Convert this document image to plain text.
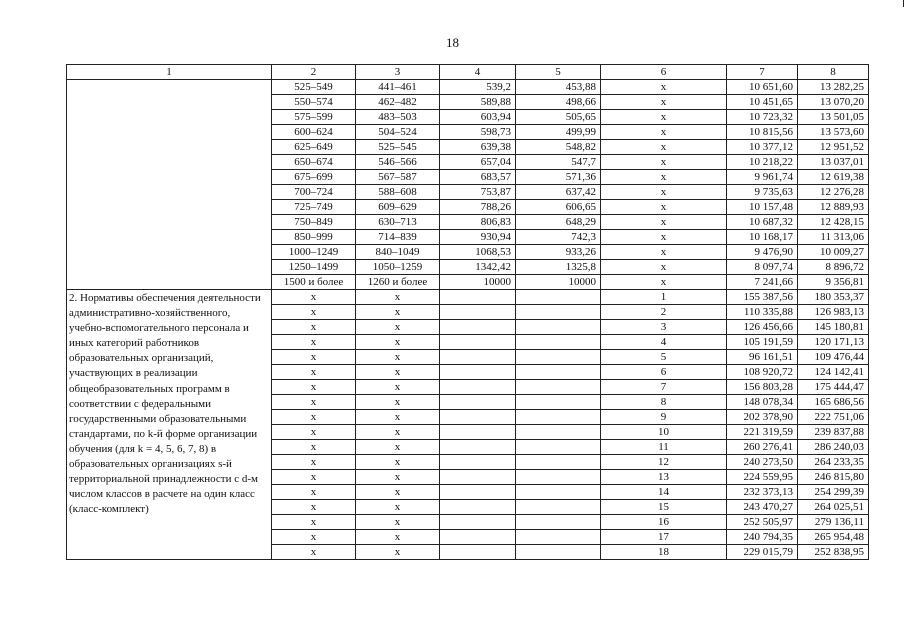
18
1	2	3	4	5	6	7	8
	525–549	441–461	539,2	453,88	х	10 651,60	13 282,25
	550–574	462–482	589,88	498,66	х	10 451,65	13 070,20
	575–599	483–503	603,94	505,65	х	10 723,32	13 501,05
	600–624	504–524	598,73	499,99	х	10 815,56	13 573,60
	625–649	525–545	639,38	548,82	х	10 377,12	12 951,52
	650–674	546–566	657,04	547,7	х	10 218,22	13 037,01
	675–699	567–587	683,57	571,36	х	9 961,74	12 619,38
	700–724	588–608	753,87	637,42	х	9 735,63	12 276,28
	725–749	609–629	788,26	606,65	х	10 157,48	12 889,93
	750–849	630–713	806,83	648,29	х	10 687,32	12 428,15
	850–999	714–839	930,94	742,3	х	10 168,17	11 313,06
	1000–1249	840–1049	1068,53	933,26	х	9 476,90	10 009,27
	1250–1499	1050–1259	1342,42	1325,8	х	8 097,74	8 896,72
	1500 и более	1260 и более	10000	10000	х	7 241,66	9 356,81
2. Нормативы обеспечения деятельности административно-хозяйственного, учебно-вспомогательного персонала и иных категорий работников образовательных организаций, участвующих в реализации общеобразовательных программ в соответствии с федеральными государственными образовательными стандартами, по k-й форме организации обучения (для k = 4, 5, 6, 7, 8) в образовательных организациях s-й территориальной принадлежности с d-м числом классов в расчете на один класс (класс-комплект)	х	х			1	155 387,56	180 353,37
	х	х			2	110 335,88	126 983,13
	х	х			3	126 456,66	145 180,81
	х	х			4	105 191,59	120 171,13
	х	х			5	96 161,51	109 476,44
	х	х			6	108 920,72	124 142,41
	х	х			7	156 803,28	175 444,47
	х	х			8	148 078,34	165 686,56
	х	х			9	202 378,90	222 751,06
	х	х			10	221 319,59	239 837,88
	х	х			11	260 276,41	286 240,03
	х	х			12	240 273,50	264 233,35
	х	х			13	224 559,95	246 815,80
	х	х			14	232 373,13	254 299,39
	х	х			15	243 470,27	264 025,51
	х	х			16	252 505,97	279 136,11
	х	х			17	240 794,35	265 954,48
	х	х			18	229 015,79	252 838,95
